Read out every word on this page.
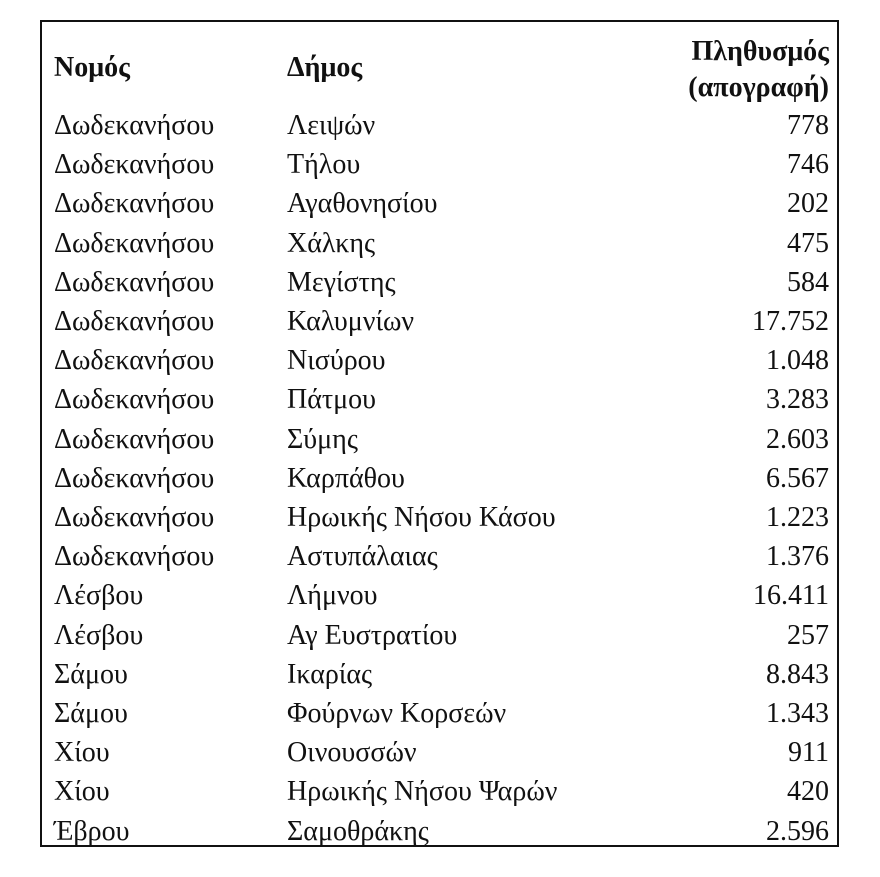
Νομός	Δήμος	Πληθυσμός
(απογραφή)
Δωδεκανήσου	Λειψών	778
Δωδεκανήσου	Τήλου	746
Δωδεκανήσου	Αγαθονησίου	202
Δωδεκανήσου	Χάλκης	475
Δωδεκανήσου	Μεγίστης	584
Δωδεκανήσου	Καλυμνίων	17.752
Δωδεκανήσου	Νισύρου	1.048
Δωδεκανήσου	Πάτμου	3.283
Δωδεκανήσου	Σύμης	2.603
Δωδεκανήσου	Καρπάθου	6.567
Δωδεκανήσου	Ηρωικής Νήσου Κάσου	1.223
Δωδεκανήσου	Αστυπάλαιας	1.376
Λέσβου	Λήμνου	16.411
Λέσβου	Αγ Ευστρατίου	257
Σάμου	Ικαρίας	8.843
Σάμου	Φούρνων Κορσεών	1.343
Χίου	Οινουσσών	911
Χίου	Ηρωικής Νήσου Ψαρών	420
Έβρου	Σαμοθράκης	2.596
